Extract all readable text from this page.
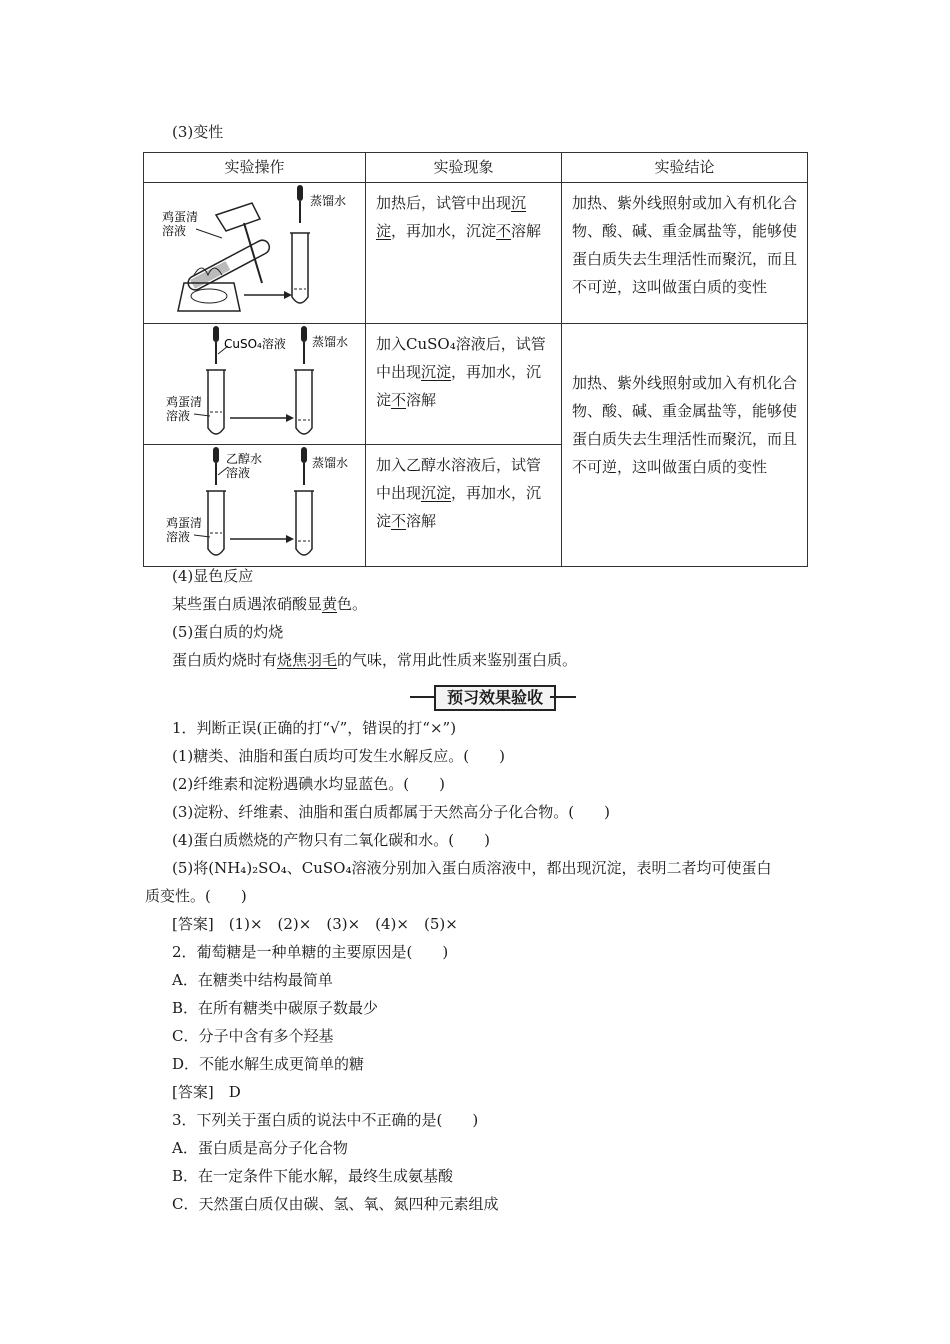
(3)变性
实验操作	实验现象	实验结论

鸡蛋清
溶液
蒸馏水	加热后，试管中出现沉淀，再加水，沉淀不溶解	加热、紫外线照射或加入有机化合物、酸、碱、重金属盐等，能够使蛋白质失去生理活性而聚沉，而且不可逆，这叫做蛋白质的变性

CuSO₄溶液
鸡蛋清
溶液
蒸馏水	加入CuSO₄溶液后，试管中出现沉淀，再加水，沉淀不溶解	加热、紫外线照射或加入有机化合物、酸、碱、重金属盐等，能够使蛋白质失去生理活性而聚沉，而且不可逆，这叫做蛋白质的变性

乙醇水
溶液
鸡蛋清
溶液
蒸馏水	加入乙醇水溶液后，试管中出现沉淀，再加水，沉淀不溶解	
(4)显色反应
某些蛋白质遇浓硝酸显黄色。
(5)蛋白质的灼烧
蛋白质灼烧时有烧焦羽毛的气味，常用此性质来鉴别蛋白质。
预习效果验收
1．判断正误(正确的打“√”，错误的打“×”)
(1)糖类、油脂和蛋白质均可发生水解反应。(　　)
(2)纤维素和淀粉遇碘水均显蓝色。(　　)
(3)淀粉、纤维素、油脂和蛋白质都属于天然高分子化合物。(　　)
(4)蛋白质燃烧的产物只有二氧化碳和水。(　　)
(5)将(NH₄)₂SO₄、CuSO₄溶液分别加入蛋白质溶液中，都出现沉淀，表明二者均可使蛋白
质变性。(　　)
[答案]　(1)×　(2)×　(3)×　(4)×　(5)×
2．葡萄糖是一种单糖的主要原因是(　　)
A．在糖类中结构最简单
B．在所有糖类中碳原子数最少
C．分子中含有多个羟基
D．不能水解生成更简单的糖
[答案]　D
3．下列关于蛋白质的说法中不正确的是(　　)
A．蛋白质是高分子化合物
B．在一定条件下能水解，最终生成氨基酸
C．天然蛋白质仅由碳、氢、氧、氮四种元素组成
